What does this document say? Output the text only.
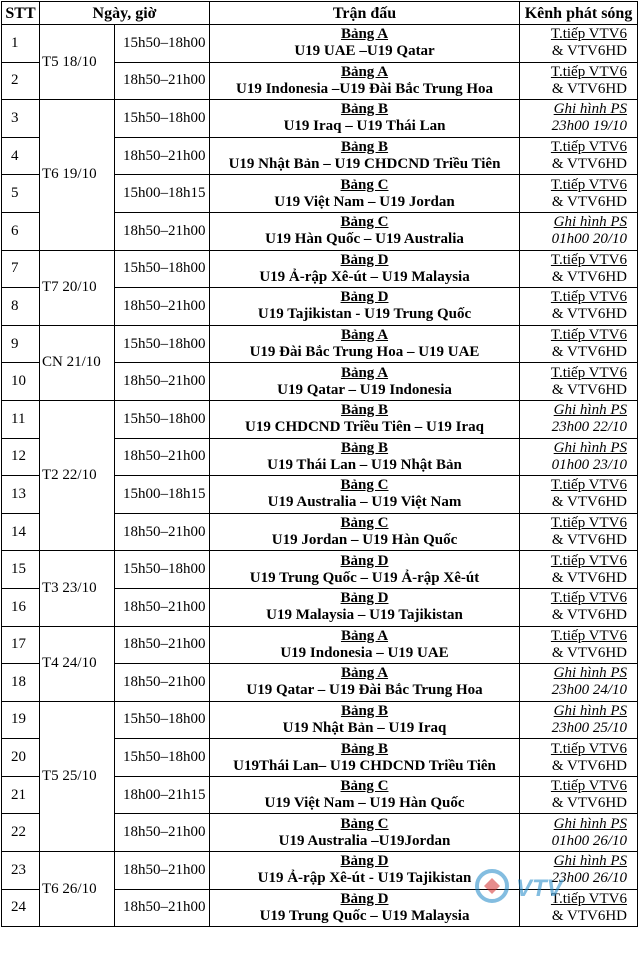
STT	Ngày, giờ		Trận đấu	Kênh phát sóng
1	T5 18/10	15h50–18h00	Bảng A
U19 UAE –U19 Qatar	T.tiếp VTV6
& VTV6HD

2		18h50–21h00	Bảng A
U19 Indonesia –U19 Đài Bắc Trung Hoa	T.tiếp VTV6
& VTV6HD

3	T6 19/10	15h50–18h00	Bảng B
U19 Iraq – U19 Thái Lan	Ghi hình PS
23h00 19/10

4		18h50–21h00	Bảng B
U19 Nhật Bản – U19 CHDCND Triều Tiên	T.tiếp VTV6
& VTV6HD

5		15h00–18h15	Bảng C
U19 Việt Nam – U19 Jordan	T.tiếp VTV6
& VTV6HD

6		18h50–21h00	Bảng C
U19 Hàn Quốc – U19 Australia	Ghi hình PS
01h00 20/10

7	T7 20/10	15h50–18h00	Bảng D
U19 Ả-rập Xê-út – U19 Malaysia	T.tiếp VTV6
& VTV6HD

8		18h50–21h00	Bảng D
U19 Tajikistan - U19 Trung Quốc	T.tiếp VTV6
& VTV6HD

9	CN 21/10	15h50–18h00	Bảng A
U19 Đài Bắc Trung Hoa – U19 UAE	T.tiếp VTV6
& VTV6HD

10		18h50–21h00	Bảng A
U19 Qatar – U19 Indonesia	T.tiếp VTV6
& VTV6HD

11	T2 22/10	15h50–18h00	Bảng B
U19 CHDCND Triều Tiên – U19 Iraq	Ghi hình PS
23h00 22/10

12		18h50–21h00	Bảng B
U19 Thái Lan – U19 Nhật Bản	Ghi hình PS
01h00 23/10

13		15h00–18h15	Bảng C
U19 Australia – U19 Việt Nam	T.tiếp VTV6
& VTV6HD

14		18h50–21h00	Bảng C
U19 Jordan – U19 Hàn Quốc	T.tiếp VTV6
& VTV6HD

15	T3 23/10	15h50–18h00	Bảng D
U19 Trung Quốc – U19 Ả-rập Xê-út	T.tiếp VTV6
& VTV6HD

16		18h50–21h00	Bảng D
U19 Malaysia – U19 Tajikistan	T.tiếp VTV6
& VTV6HD

17	T4 24/10	18h50–21h00	Bảng A
U19 Indonesia – U19 UAE	T.tiếp VTV6
& VTV6HD

18		18h50–21h00	Bảng A
U19 Qatar – U19 Đài Bắc Trung Hoa	Ghi hình PS
23h00 24/10

19	T5 25/10	15h50–18h00	Bảng B
U19 Nhật Bản – U19 Iraq	Ghi hình PS
23h00 25/10

20		15h50–18h00	Bảng B
U19Thái Lan– U19 CHDCND Triều Tiên	T.tiếp VTV6
& VTV6HD

21		18h00–21h15	Bảng C
U19 Việt Nam – U19 Hàn Quốc	T.tiếp VTV6
& VTV6HD

22		18h50–21h00	Bảng C
U19 Australia –U19Jordan	Ghi hình PS
01h00 26/10

23	T6 26/10	18h50–21h00	Bảng D
U19 Ả-rập Xê-út - U19 Tajikistan	Ghi hình PS
23h00 26/10

24		18h50–21h00	Bảng D
U19 Trung Quốc – U19 Malaysia	T.tiếp VTV6
& VTV6HD
VTV
